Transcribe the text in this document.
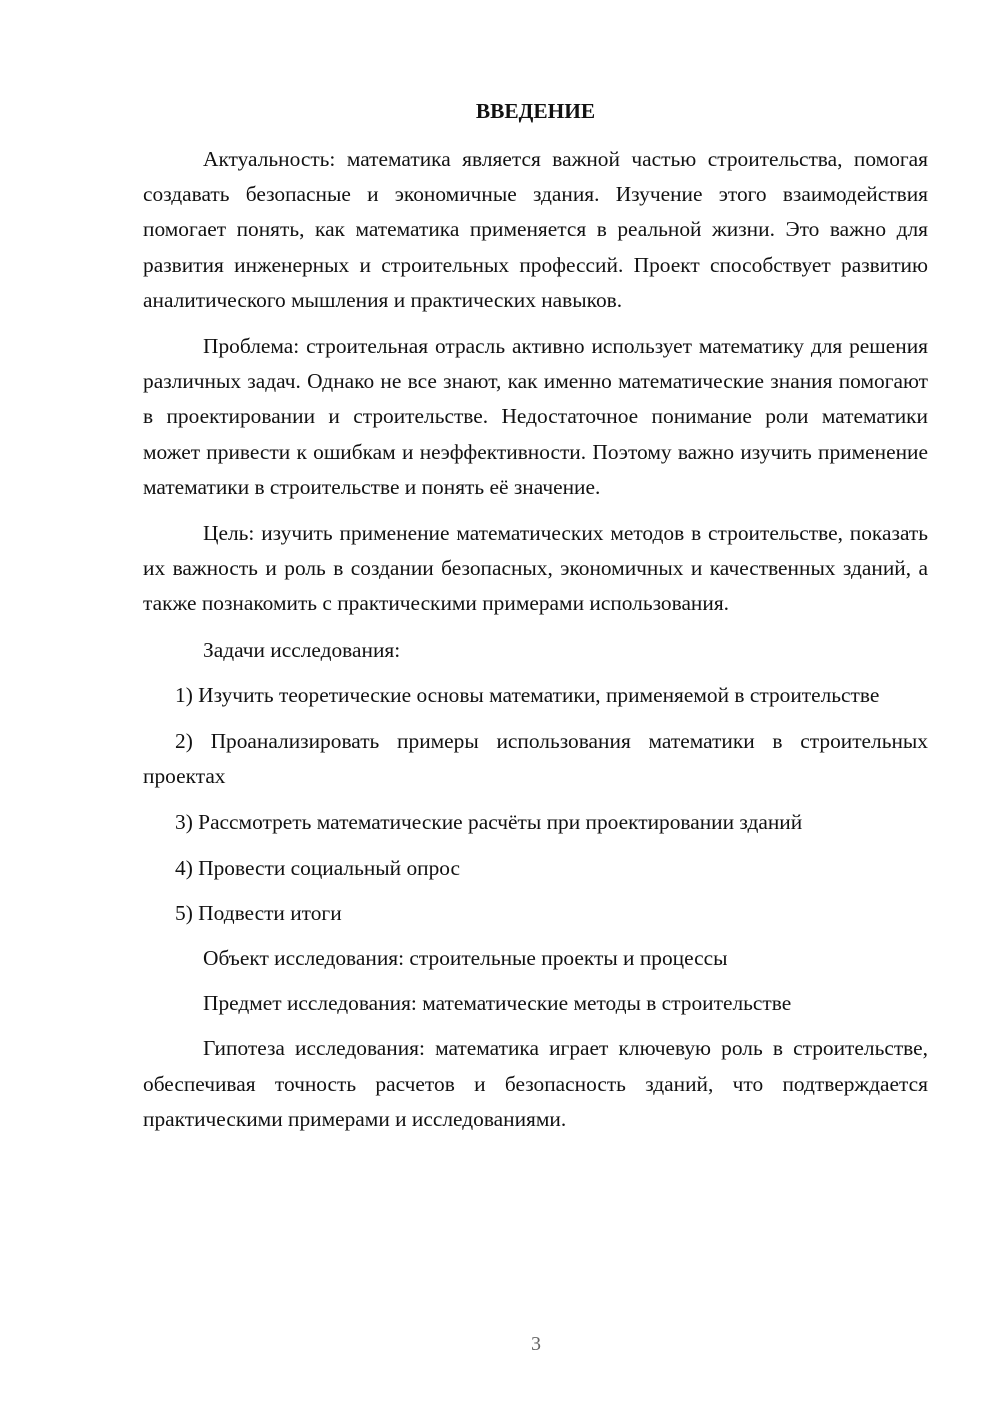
ВВЕДЕНИЕ

Актуальность: математика является важной частью строительства, помогая создавать безопасные и экономичные здания. Изучение этого взаимодействия помогает понять, как математика применяется в реальной жизни. Это важно для развития инженерных и строительных профессий. Проект способствует развитию аналитического мышления и практических навыков.

Проблема: строительная отрасль активно использует математику для решения различных задач. Однако не все знают, как именно математические знания помогают в проектировании и строительстве. Недостаточное понимание роли математики может привести к ошибкам и неэффективности. Поэтому важно изучить применение математики в строительстве и понять её значение.

Цель: изучить применение математических методов в строительстве, показать их важность и роль в создании безопасных, экономичных и качественных зданий, а также познакомить с практическими примерами использования.

Задачи исследования:

1) Изучить теоретические основы математики, применяемой в строительстве

2) Проанализировать примеры использования математики в строительных проектах

3) Рассмотреть математические расчёты при проектировании зданий

4) Провести социальный опрос

5) Подвести итоги

Объект исследования: строительные проекты и процессы

Предмет исследования: математические методы в строительстве

Гипотеза исследования: математика играет ключевую роль в строительстве, обеспечивая точность расчетов и безопасность зданий, что подтверждается практическими примерами и исследованиями.

3
